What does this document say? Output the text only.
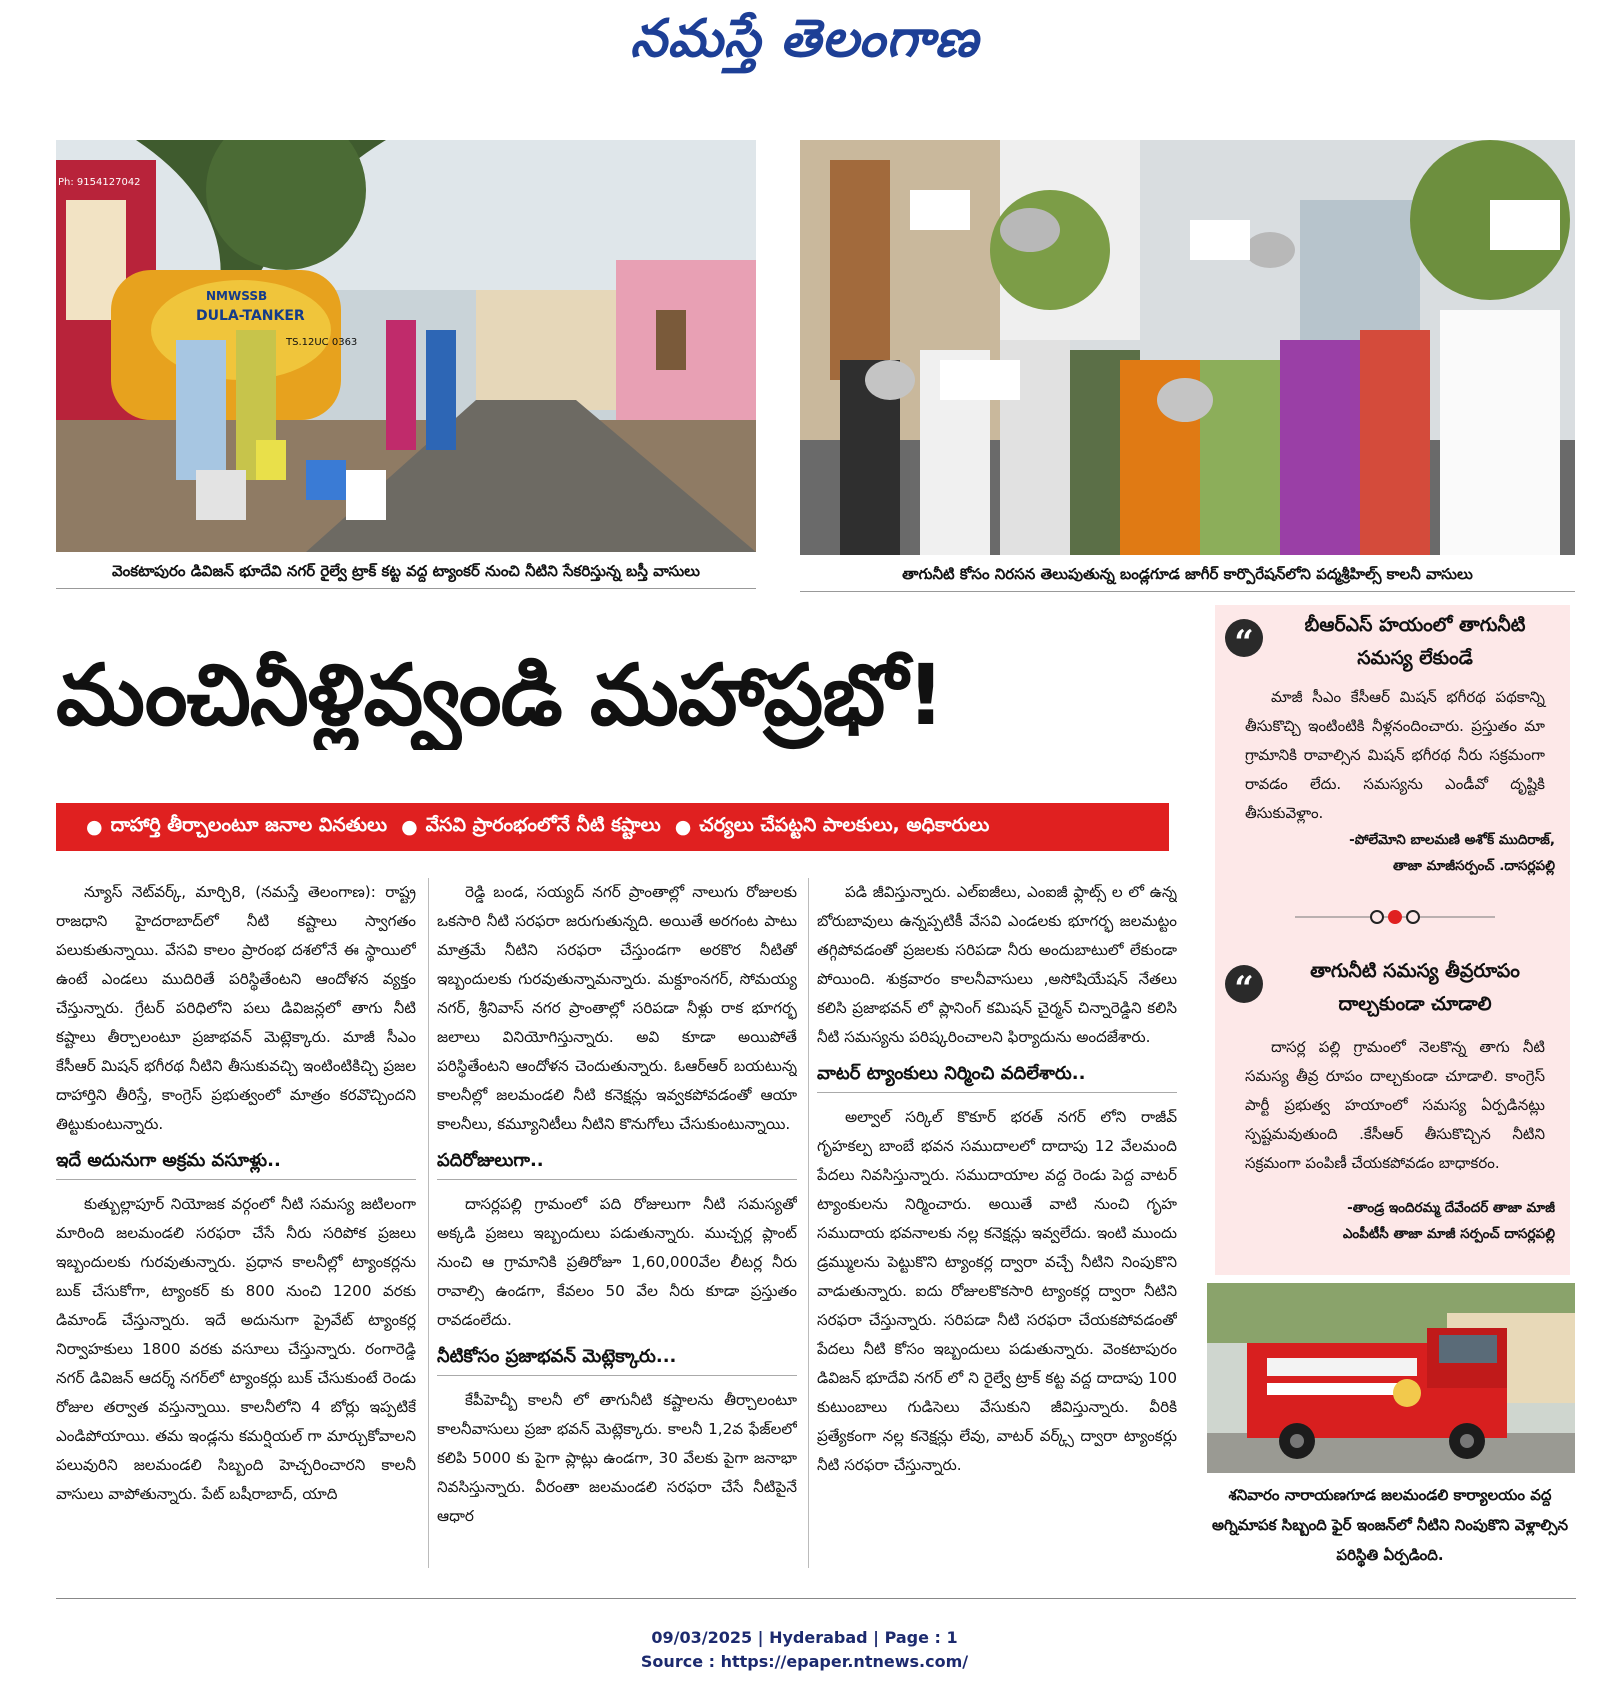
నమస్తే తెలంగాణ
DULA-TANKER
NMWSSB
TS.12UC 0363
Ph: 9154127042
వెంకటాపురం డివిజన్ భూదేవి నగర్ రైల్వే ట్రాక్ కట్ట వద్ద ట్యాంకర్ నుంచి నీటిని సేకరిస్తున్న బస్తీ వాసులు	తాగునీటి కోసం నిరసన తెలుపుతున్న బండ్లగూడ జాగీర్ కార్పొరేషన్‌లోని పద్మశ్రీహిల్స్ కాలనీ వాసులు
మంచినీళ్లివ్వండి మహాప్రభో!
● దాహార్తి తీర్చాలంటూ జనాల వినతులు ● వేసవి ప్రారంభంలోనే నీటి కష్టాలు ● చర్యలు చేపట్టని పాలకులు, అధికారులు

న్యూస్ నెట్‌వర్క్, మార్చి8, (నమస్తే తెలంగాణ): రాష్ట్ర రాజధాని హైదరాబాద్‌లో నీటి కష్టాలు స్వాగతం పలుకుతున్నాయి. వేసవి కాలం ప్రారంభ దశలోనే ఈ స్థాయిలో ఉంటే ఎండలు ముదిరితే పరిస్థితేంటని ఆందోళన వ్యక్తం చేస్తున్నారు. గ్రేటర్ పరిధిలోని పలు డివిజన్లలో తాగు నీటి కష్టాలు తీర్చాలంటూ ప్రజాభవన్ మెట్లెక్కారు. మాజీ సీఎం కేసీఆర్ మిషన్ భగీరథ నీటిని తీసుకువచ్చి ఇంటింటికిచ్చి ప్రజల దాహార్తిని తీరిస్తే, కాంగ్రెస్ ప్రభుత్వంలో మాత్రం కరవొచ్చిందని తిట్టుకుంటున్నారు.

ఇదే అదునుగా అక్రమ వసూళ్లు..

కుత్బుల్లాపూర్ నియోజక వర్గంలో నీటి సమస్య జటిలంగా మారింది జలమండలి సరఫరా చేసే నీరు సరిపోక ప్రజలు ఇబ్బందులకు గురవుతున్నారు. ప్రధాన కాలనీల్లో ట్యాంకర్లను బుక్ చేసుకోగా, ట్యాంకర్ కు 800 నుంచి 1200 వరకు డిమాండ్ చేస్తున్నారు. ఇదే అదునుగా ప్రైవేట్ ట్యాంకర్ల నిర్వాహకులు 1800 వరకు వసూలు చేస్తున్నారు. రంగారెడ్డి నగర్ డివిజన్ ఆదర్శ్ నగర్‌లో ట్యాంకర్లు బుక్ చేసుకుంటే రెండు రోజుల తర్వాత వస్తున్నాయి. కాలనీలోని 4 బోర్లు ఇప్పటికే ఎండిపోయాయి. తమ ఇండ్లను కమర్షియల్ గా మార్చుకోవాలని పలువురిని జలమండలి సిబ్బంది హెచ్చరించారని కాలనీ వాసులు వాపోతున్నారు. పేట్ బషీరాబాద్, యాది

రెడ్డి బండ, సయ్యద్ నగర్ ప్రాంతాల్లో నాలుగు రోజులకు ఒకసారి నీటి సరఫరా జరుగుతున్నది. అయితే అరగంట పాటు మాత్రమే నీటిని సరఫరా చేస్తుండగా అరకొర నీటితో ఇబ్బందులకు గురవుతున్నామన్నారు. మక్దూంనగర్, సోమయ్య నగర్, శ్రీనివాస్ నగర ప్రాంతాల్లో సరిపడా నీళ్లు రాక భూగర్భ జలాలు వినియోగిస్తున్నారు. అవి కూడా అయిపోతే పరిస్థితేంటని ఆందోళన చెందుతున్నారు. ఓఆర్ఆర్ బయటున్న కాలనీల్లో జలమండలి నీటి కనెక్షన్లు ఇవ్వకపోవడంతో ఆయా కాలనీలు, కమ్యూనిటీలు నీటిని కొనుగోలు చేసుకుంటున్నాయి.

పదిరోజులుగా..

దాసర్లపల్లి గ్రామంలో పది రోజులుగా నీటి సమస్యతో అక్కడి ప్రజలు ఇబ్బందులు పడుతున్నారు. ముచ్చర్ల ప్లాంట్ నుంచి ఆ గ్రామానికి ప్రతిరోజూ 1,60,000వేల లీటర్ల నీరు రావాల్సి ఉండగా, కేవలం 50 వేల నీరు కూడా ప్రస్తుతం రావడంలేదు.

నీటికోసం ప్రజాభవన్ మెట్లెక్కారు...

కేపీహెచ్బీ కాలనీ లో తాగునీటి కష్టాలను తీర్చాలంటూ కాలనీవాసులు ప్రజా భవన్ మెట్లెక్కారు. కాలనీ 1,2వ ఫేజ్‌లలో కలిపి 5000 కు పైగా ప్లాట్లు ఉండగా, 30 వేలకు పైగా జనాభా నివసిస్తున్నారు. వీరంతా జలమండలి సరఫరా చేసే నీటిపైనే ఆధార

పడి జీవిస్తున్నారు. ఎల్‌ఐజీలు, ఎంఐజీ ఫ్లాట్స్ ల లో ఉన్న బోరుబావులు ఉన్నప్పటికీ వేసవి ఎండలకు భూగర్భ జలమట్టం తగ్గిపోవడంతో ప్రజలకు సరిపడా నీరు అందుబాటులో లేకుండా పోయింది. శుక్రవారం కాలనీవాసులు ,అసోషియేషన్ నేతలు కలిసి ప్రజాభవన్ లో ప్లానింగ్ కమిషన్ చైర్మన్ చిన్నారెడ్డిని కలిసి నీటి సమస్యను పరిష్కరించాలని ఫిర్యాదును అందజేశారు.

వాటర్ ట్యాంకులు నిర్మించి వదిలేశారు..

అల్వాల్ సర్కిల్ కొకూర్ భరత్ నగర్ లోని రాజీవ్ గృహకల్ప బాంబే భవన సముదాలలో దాదాపు 12 వేలమంది పేదలు నివసిస్తున్నారు. సముదాయాల వద్ద రెండు పెద్ద వాటర్ ట్యాంకులను నిర్మించారు. అయితే వాటి నుంచి గృహ సముదాయ భవనాలకు నల్ల కనెక్షన్లు ఇవ్వలేదు. ఇంటి ముందు డ్రమ్ములను పెట్టుకొని ట్యాంకర్ల ద్వారా వచ్చే నీటిని నింపుకొని వాడుతున్నారు. ఐదు రోజులకొకసారి ట్యాంకర్ల ద్వారా నీటిని సరఫరా చేస్తున్నారు. సరిపడా నీటి సరఫరా చేయకపోవడంతో పేదలు నీటి కోసం ఇబ్బందులు పడుతున్నారు. వెంకటాపురం డివిజన్ భూదేవి నగర్ లో ని రైల్వే ట్రాక్ కట్ట వద్ద దాదాపు 100 కుటుంబాలు గుడిసెలు వేసుకుని జీవిస్తున్నారు. వీరికి ప్రత్యేకంగా నల్ల కనెక్షన్లు లేవు, వాటర్ వర్క్స్ ద్వారా ట్యాంకర్లు నీటి సరఫరా చేస్తున్నారు.

“	బీఆర్ఎస్ హయంలో తాగునీటి సమస్య లేకుండే

మాజీ సీఎం కేసీఆర్ మిషన్ భగీరథ పథకాన్ని తీసుకొచ్చి ఇంటింటికి నీళ్లనందించారు. ప్రస్తుతం మా గ్రామానికి రావాల్సిన మిషన్ భగీరథ నీరు సక్రమంగా రావడం లేదు. సమస్యను ఎండీవో దృష్టికి తీసుకువెళ్లాం.

-పోలేమోని బాలమణి అశోక్ ముదిరాజ్,
తాజా మాజీసర్పంచ్ .దాసర్లపల్లి
“	తాగునీటి సమస్య తీవ్రరూపం దాల్చకుండా చూడాలి

దాసర్ల పల్లి గ్రామంలో నెలకొన్న తాగు నీటి సమస్య తీవ్ర రూపం దాల్చకుండా చూడాలి. కాంగ్రెస్ పార్టీ ప్రభుత్వ హయాంలో సమస్య ఏర్పడినట్లు స్పష్టమవుతుంది .కేసీఆర్ తీసుకొచ్చిన నీటిని సక్రమంగా పంపిణీ చేయకపోవడం బాధాకరం.

-తాండ్ర ఇందిరమ్మ దేవేందర్ తాజా మాజీ
ఎంపీటీసీ తాజా మాజీ సర్పంచ్ దాసర్లపల్లి
శనివారం నారాయణగూడ జలమండలి కార్యాలయం వద్ద అగ్నిమాపక సిబ్బంది ఫైర్ ఇంజన్‌లో నీటిని నింపుకొని వెళ్లాల్సిన పరిస్థితి ఏర్పడింది.
09/03/2025 | Hyderabad | Page : 1
Source : https://epaper.ntnews.com/
